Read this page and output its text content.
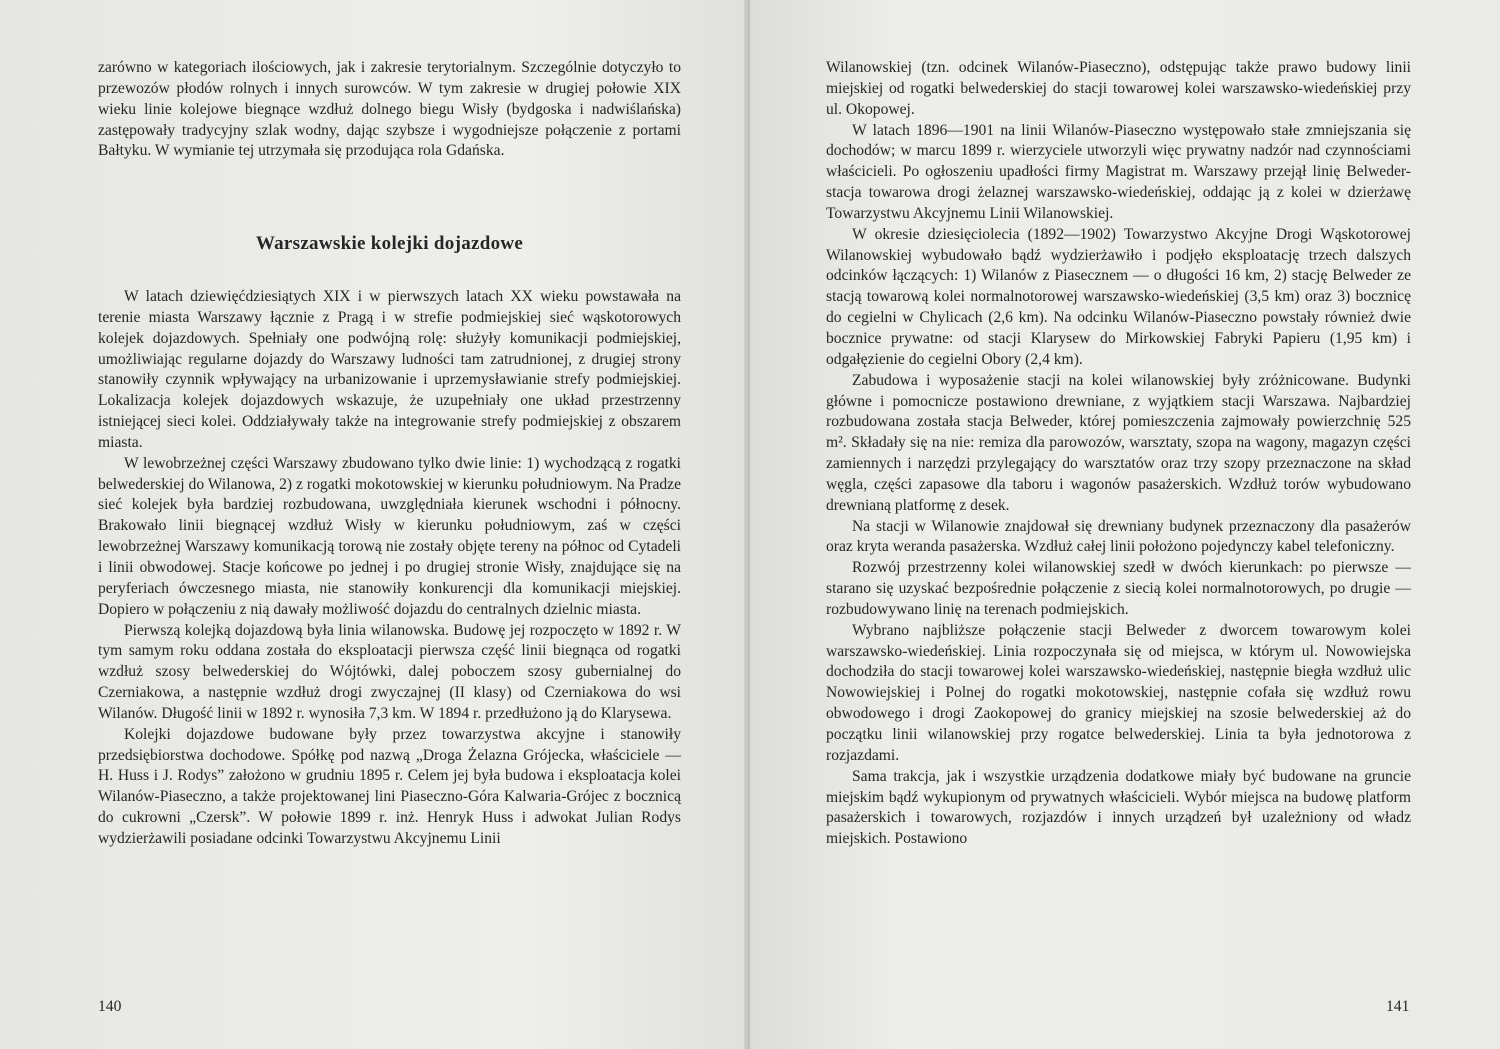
zarówno w kategoriach ilościowych, jak i zakresie terytorialnym. Szczególnie dotyczyło to przewozów płodów rolnych i innych surowców. W tym zakresie w drugiej połowie XIX wieku linie kolejowe biegnące wzdłuż dolnego biegu Wisły (bydgoska i nadwiślańska) zastępowały tradycyjny szlak wodny, dając szybsze i wygodniejsze połączenie z portami Bałtyku. W wymianie tej utrzymała się przodująca rola Gdańska.

Warszawskie kolejki dojazdowe

W latach dziewięćdziesiątych XIX i w pierwszych latach XX wieku powstawała na terenie miasta Warszawy łącznie z Pragą i w strefie podmiejskiej sieć wąskotorowych kolejek dojazdowych. Spełniały one podwójną rolę: służyły komunikacji podmiejskiej, umożliwiając regularne dojazdy do Warszawy ludności tam zatrudnionej, z drugiej strony stanowiły czynnik wpływający na urbanizowanie i uprzemysławianie strefy podmiejskiej. Lokalizacja kolejek dojazdowych wskazuje, że uzupełniały one układ przestrzenny istniejącej sieci kolei. Oddziaływały także na integrowanie strefy podmiejskiej z obszarem miasta.

W lewobrzeżnej części Warszawy zbudowano tylko dwie linie: 1) wychodzącą z rogatki belwederskiej do Wilanowa, 2) z rogatki mokotowskiej w kierunku południowym. Na Pradze sieć kolejek była bardziej rozbudowana, uwzględniała kierunek wschodni i północny. Brakowało linii biegnącej wzdłuż Wisły w kierunku południowym, zaś w części lewobrzeżnej Warszawy komunikacją torową nie zostały objęte tereny na północ od Cytadeli i linii obwodowej. Stacje końcowe po jednej i po drugiej stronie Wisły, znajdujące się na peryferiach ówczesnego miasta, nie stanowiły konkurencji dla komunikacji miejskiej. Dopiero w połączeniu z nią dawały możliwość dojazdu do centralnych dzielnic miasta.

Pierwszą kolejką dojazdową była linia wilanowska. Budowę jej rozpoczęto w 1892 r. W tym samym roku oddana została do eksploatacji pierwsza część linii biegnąca od rogatki wzdłuż szosy belwederskiej do Wójtówki, dalej poboczem szosy gubernialnej do Czerniakowa, a następnie wzdłuż drogi zwyczajnej (II klasy) od Czerniakowa do wsi Wilanów. Długość linii w 1892 r. wynosiła 7,3 km. W 1894 r. przedłużono ją do Klarysewa.

Kolejki dojazdowe budowane były przez towarzystwa akcyjne i stanowiły przedsiębiorstwa dochodowe. Spółkę pod nazwą „Droga Żelazna Grójecka, właściciele — H. Huss i J. Rodys” założono w grudniu 1895 r. Celem jej była budowa i eksploatacja kolei Wilanów-Piaseczno, a także projektowanej lini Piaseczno-Góra Kalwaria-Grójec z bocznicą do cukrowni „Czersk”. W połowie 1899 r. inż. Henryk Huss i adwokat Julian Rodys wydzierżawili posiadane odcinki Towarzystwu Akcyjnemu Linii

140

Wilanowskiej (tzn. odcinek Wilanów-Piaseczno), odstępując także prawo budowy linii miejskiej od rogatki belwederskiej do stacji towarowej kolei warszawsko-wiedeńskiej przy ul. Okopowej.

W latach 1896—1901 na linii Wilanów-Piaseczno występowało stałe zmniejszania się dochodów; w marcu 1899 r. wierzyciele utworzyli więc prywatny nadzór nad czynnościami właścicieli. Po ogłoszeniu upadłości firmy Magistrat m. Warszawy przejął linię Belweder-stacja towarowa drogi żelaznej warszawsko-wiedeńskiej, oddając ją z kolei w dzierżawę Towarzystwu Akcyjnemu Linii Wilanowskiej.

W okresie dziesięciolecia (1892—1902) Towarzystwo Akcyjne Drogi Wąskotorowej Wilanowskiej wybudowało bądź wydzierżawiło i podjęło eksploatację trzech dalszych odcinków łączących: 1) Wilanów z Piasecznem — o długości 16 km, 2) stację Belweder ze stacją towarową kolei normalnotorowej warszawsko-wiedeńskiej (3,5 km) oraz 3) bocznicę do cegielni w Chylicach (2,6 km). Na odcinku Wilanów-Piaseczno powstały również dwie bocznice prywatne: od stacji Klarysew do Mirkowskiej Fabryki Papieru (1,95 km) i odgałęzienie do cegielni Obory (2,4 km).

Zabudowa i wyposażenie stacji na kolei wilanowskiej były zróżnicowane. Budynki główne i pomocnicze postawiono drewniane, z wyjątkiem stacji Warszawa. Najbardziej rozbudowana została stacja Belweder, której pomieszczenia zajmowały powierzchnię 525 m². Składały się na nie: remiza dla parowozów, warsztaty, szopa na wagony, magazyn części zamiennych i narzędzi przylegający do warsztatów oraz trzy szopy przeznaczone na skład węgla, części zapasowe dla taboru i wagonów pasażerskich. Wzdłuż torów wybudowano drewnianą platformę z desek.

Na stacji w Wilanowie znajdował się drewniany budynek przeznaczony dla pasażerów oraz kryta weranda pasażerska. Wzdłuż całej linii położono pojedynczy kabel telefoniczny.

Rozwój przestrzenny kolei wilanowskiej szedł w dwóch kierunkach: po pierwsze — starano się uzyskać bezpośrednie połączenie z siecią kolei normalnotorowych, po drugie — rozbudowywano linię na terenach podmiejskich.

Wybrano najbliższe połączenie stacji Belweder z dworcem towarowym kolei warszawsko-wiedeńskiej. Linia rozpoczynała się od miejsca, w którym ul. Nowowiejska dochodziła do stacji towarowej kolei warszawsko-wiedeńskiej, następnie biegła wzdłuż ulic Nowowiejskiej i Polnej do rogatki mokotowskiej, następnie cofała się wzdłuż rowu obwodowego i drogi Zaokopowej do granicy miejskiej na szosie belwederskiej aż do początku linii wilanowskiej przy rogatce belwederskiej. Linia ta była jednotorowa z rozjazdami.

Sama trakcja, jak i wszystkie urządzenia dodatkowe miały być budowane na gruncie miejskim bądź wykupionym od prywatnych właścicieli. Wybór miejsca na budowę platform pasażerskich i towarowych, rozjazdów i innych urządzeń był uzależniony od władz miejskich. Postawiono

141
